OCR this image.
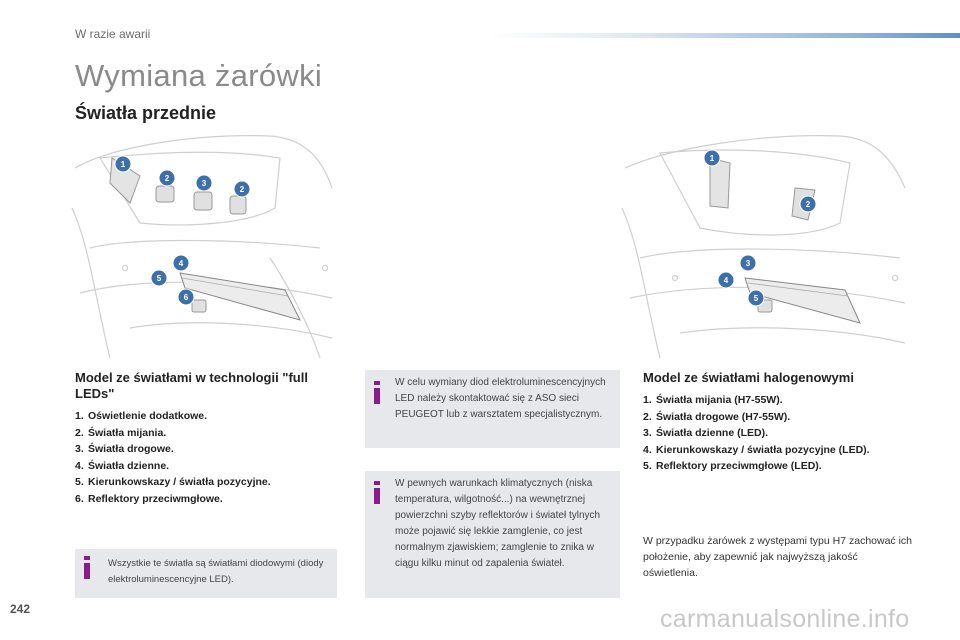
W razie awarii
Wymiana żarówki
Światła przednie
1
2
3
2
4
5
6
1
2
3
4
5
Model ze światłami w technologii "full LEDs"
1. Oświetlenie dodatkowe.
2. Światła mijania.
3. Światła drogowe.
4. Światła dzienne.
5. Kierunkowskazy / światła pozycyjne.
6. Reflektory przeciwmgłowe.

Wszystkie te światła są światłami diodowymi (diody elektroluminescencyjne LED).

W celu wymiany diod elektroluminescencyjnych LED należy skontaktować się z ASO sieci PEUGEOT lub z warsztatem specjalistycznym.

W pewnych warunkach klimatycznych (niska temperatura, wilgotność...) na wewnętrznej powierzchni szyby reflektorów i świateł tylnych może pojawić się lekkie zamglenie, co jest normalnym zjawiskiem; zamglenie to znika w ciągu kilku minut od zapalenia świateł.

Model ze światłami halogenowymi
1. Światła mijania (H7-55W).
2. Światła drogowe (H7-55W).
3. Światła dzienne (LED).
4. Kierunkowskazy / światła pozycyjne (LED).
5. Reflektory przeciwmgłowe (LED).

W przypadku żarówek z występami typu H7 zachować ich położenie, aby zapewnić jak najwyższą jakość oświetlenia.

242	carmanualsonline.info
